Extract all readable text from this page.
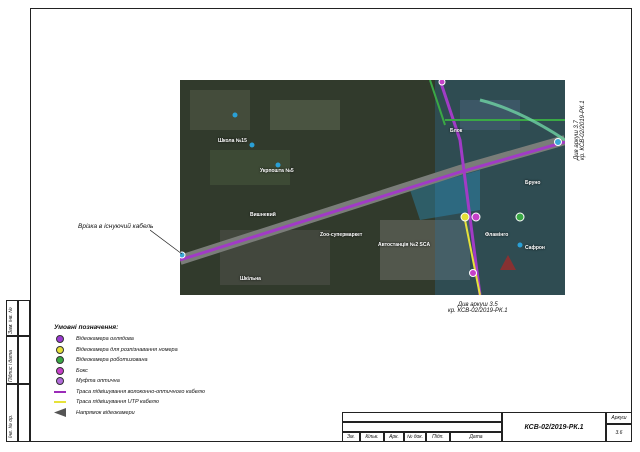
Зам. інв. №
Підпис і дата
Інв. № ор.
Школа №15
Укрпошта №5
Вишневий
Zoo-супермаркет
Автостанція №2 SCA
Фламінго
Шкільна
Бруно
Сафрон
Блок
Врізка в існуючий кабель
Див аркуш 3.7
кр. КСВ-02/2019-РК.1
Див аркуш 3.5
кр. КСВ-02/2019-РК.1
Умовні позначення:
Відеокамера оглядова
Відеокамера для розпізнавання номера
Відеокамера роботизована
Бокс
Муфта оптична
Траса підвішування волоконно-оптичного кабелю
Траса підвішування UTP кабелю
Напрямок відеокамери
Зм.	Кільк.	Арк.	№ док.	Підп.	Дата
КСВ-02/2019-РК.1
Аркуш
3.6
